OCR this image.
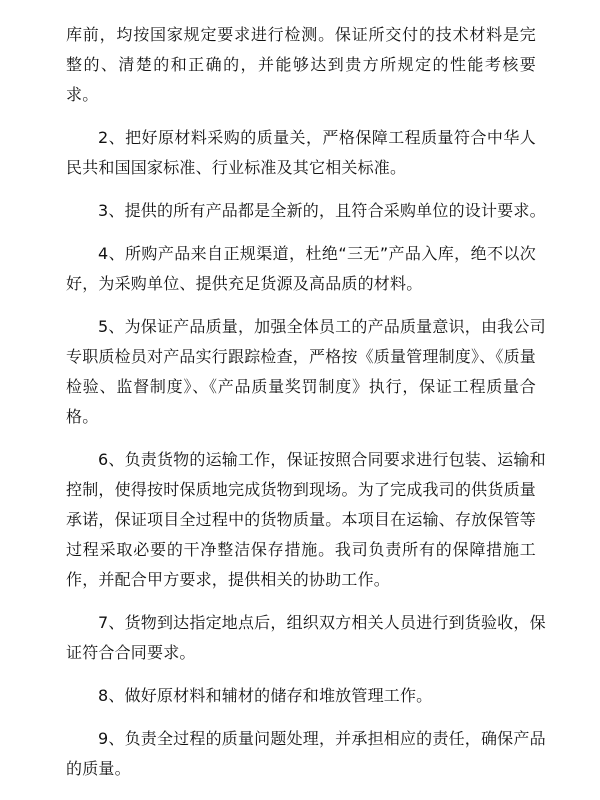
库前，均按国家规定要求进行检测。保证所交付的技术材料是完
整的、清楚的和正确的，并能够达到贵方所规定的性能考核要
求。
2、把好原材料采购的质量关，严格保障工程质量符合中华人
民共和国国家标准、行业标准及其它相关标准。
3、提供的所有产品都是全新的，且符合采购单位的设计要求。
4、所购产品来自正规渠道，杜绝“三无”产品入库，绝不以次
好，为采购单位、提供充足货源及高品质的材料。
5、为保证产品质量，加强全体员工的产品质量意识，由我公司
专职质检员对产品实行跟踪检查，严格按《质量管理制度》、《质量
检验、监督制度》、《产品质量奖罚制度》执行，保证工程质量合
格。
6、负责货物的运输工作，保证按照合同要求进行包装、运输和
控制，使得按时保质地完成货物到现场。为了完成我司的供货质量
承诺，保证项目全过程中的货物质量。本项目在运输、存放保管等
过程采取必要的干净整洁保存措施。我司负责所有的保障措施工
作，并配合甲方要求，提供相关的协助工作。
7、货物到达指定地点后，组织双方相关人员进行到货验收，保
证符合合同要求。
8、做好原材料和辅材的储存和堆放管理工作。
9、负责全过程的质量问题处理，并承担相应的责任，确保产品
的质量。
